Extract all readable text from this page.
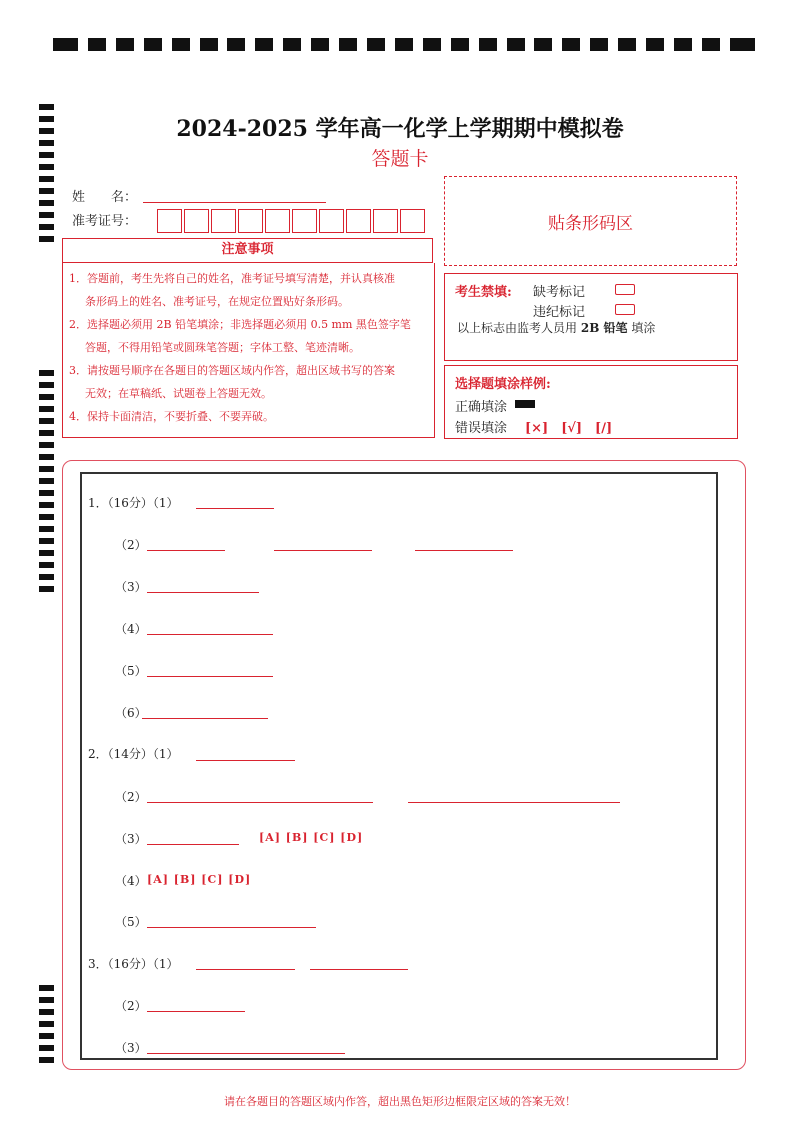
2024-2025 学年高一化学上学期期中模拟卷
答题卡
姓　　名：
准考证号：	贴条形码区
注意事项

1．答题前，考生先将自己的姓名，准考证号填写清楚，并认真核准

条形码上的姓名、准考证号，在规定位置贴好条形码。

2．选择题必须用 2B 铅笔填涂；非选择题必须用 0.5 mm 黑色签字笔

答题，不得用铅笔或圆珠笔答题；字体工整、笔迹清晰。

3．请按题号顺序在各题目的答题区域内作答，超出区域书写的答案

无效；在草稿纸、试题卷上答题无效。

4．保持卡面清洁，不要折叠、不要弄破。

考生禁填: 缺考标记
违纪标记
以上标志由监考人员用 2B 铅笔 填涂
选择题填涂样例:
正确填涂
错误填涂 [×]　[√]　[/]
1．（16分）（1）
（2）
（3）
（4）
（5）
（6）
2．（14分）（1）
（2）
（3）	[A] [B] [C] [D]
（4） [A] [B] [C] [D]
（5）
3．（16分）（1）
（2）
（3）
请在各题目的答题区域内作答，超出黑色矩形边框限定区域的答案无效！
